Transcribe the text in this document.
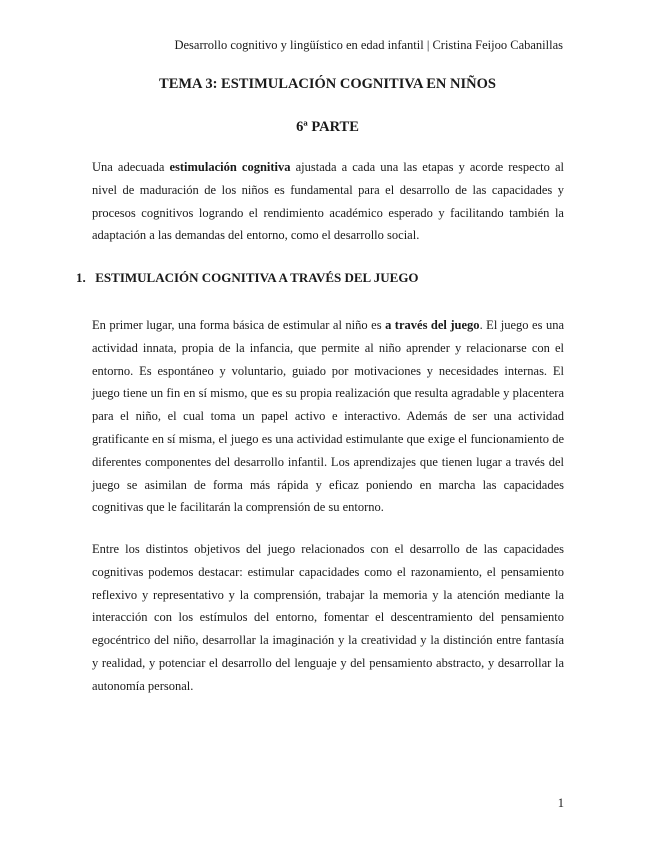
Desarrollo cognitivo y lingüístico en edad infantil | Cristina Feijoo Cabanillas
TEMA 3: ESTIMULACIÓN COGNITIVA EN NIÑOS
6ª PARTE

Una adecuada estimulación cognitiva ajustada a cada una las etapas y acorde respecto al nivel de maduración de los niños es fundamental para el desarrollo de las capacidades y procesos cognitivos logrando el rendimiento académico esperado y facilitando también la adaptación a las demandas del entorno, como el desarrollo social.

1. ESTIMULACIÓN COGNITIVA A TRAVÉS DEL JUEGO

En primer lugar, una forma básica de estimular al niño es a través del juego. El juego es una actividad innata, propia de la infancia, que permite al niño aprender y relacionarse con el entorno. Es espontáneo y voluntario, guiado por motivaciones y necesidades internas. El juego tiene un fin en sí mismo, que es su propia realización que resulta agradable y placentera para el niño, el cual toma un papel activo e interactivo. Además de ser una actividad gratificante en sí misma, el juego es una actividad estimulante que exige el funcionamiento de diferentes componentes del desarrollo infantil. Los aprendizajes que tienen lugar a través del juego se asimilan de forma más rápida y eficaz poniendo en marcha las capacidades cognitivas que le facilitarán la comprensión de su entorno.

Entre los distintos objetivos del juego relacionados con el desarrollo de las capacidades cognitivas podemos destacar: estimular capacidades como el razonamiento, el pensamiento reflexivo y representativo y la comprensión, trabajar la memoria y la atención mediante la interacción con los estímulos del entorno, fomentar el descentramiento del pensamiento egocéntrico del niño, desarrollar la imaginación y la creatividad y la distinción entre fantasía y realidad, y potenciar el desarrollo del lenguaje y del pensamiento abstracto, y desarrollar la autonomía personal.

1
